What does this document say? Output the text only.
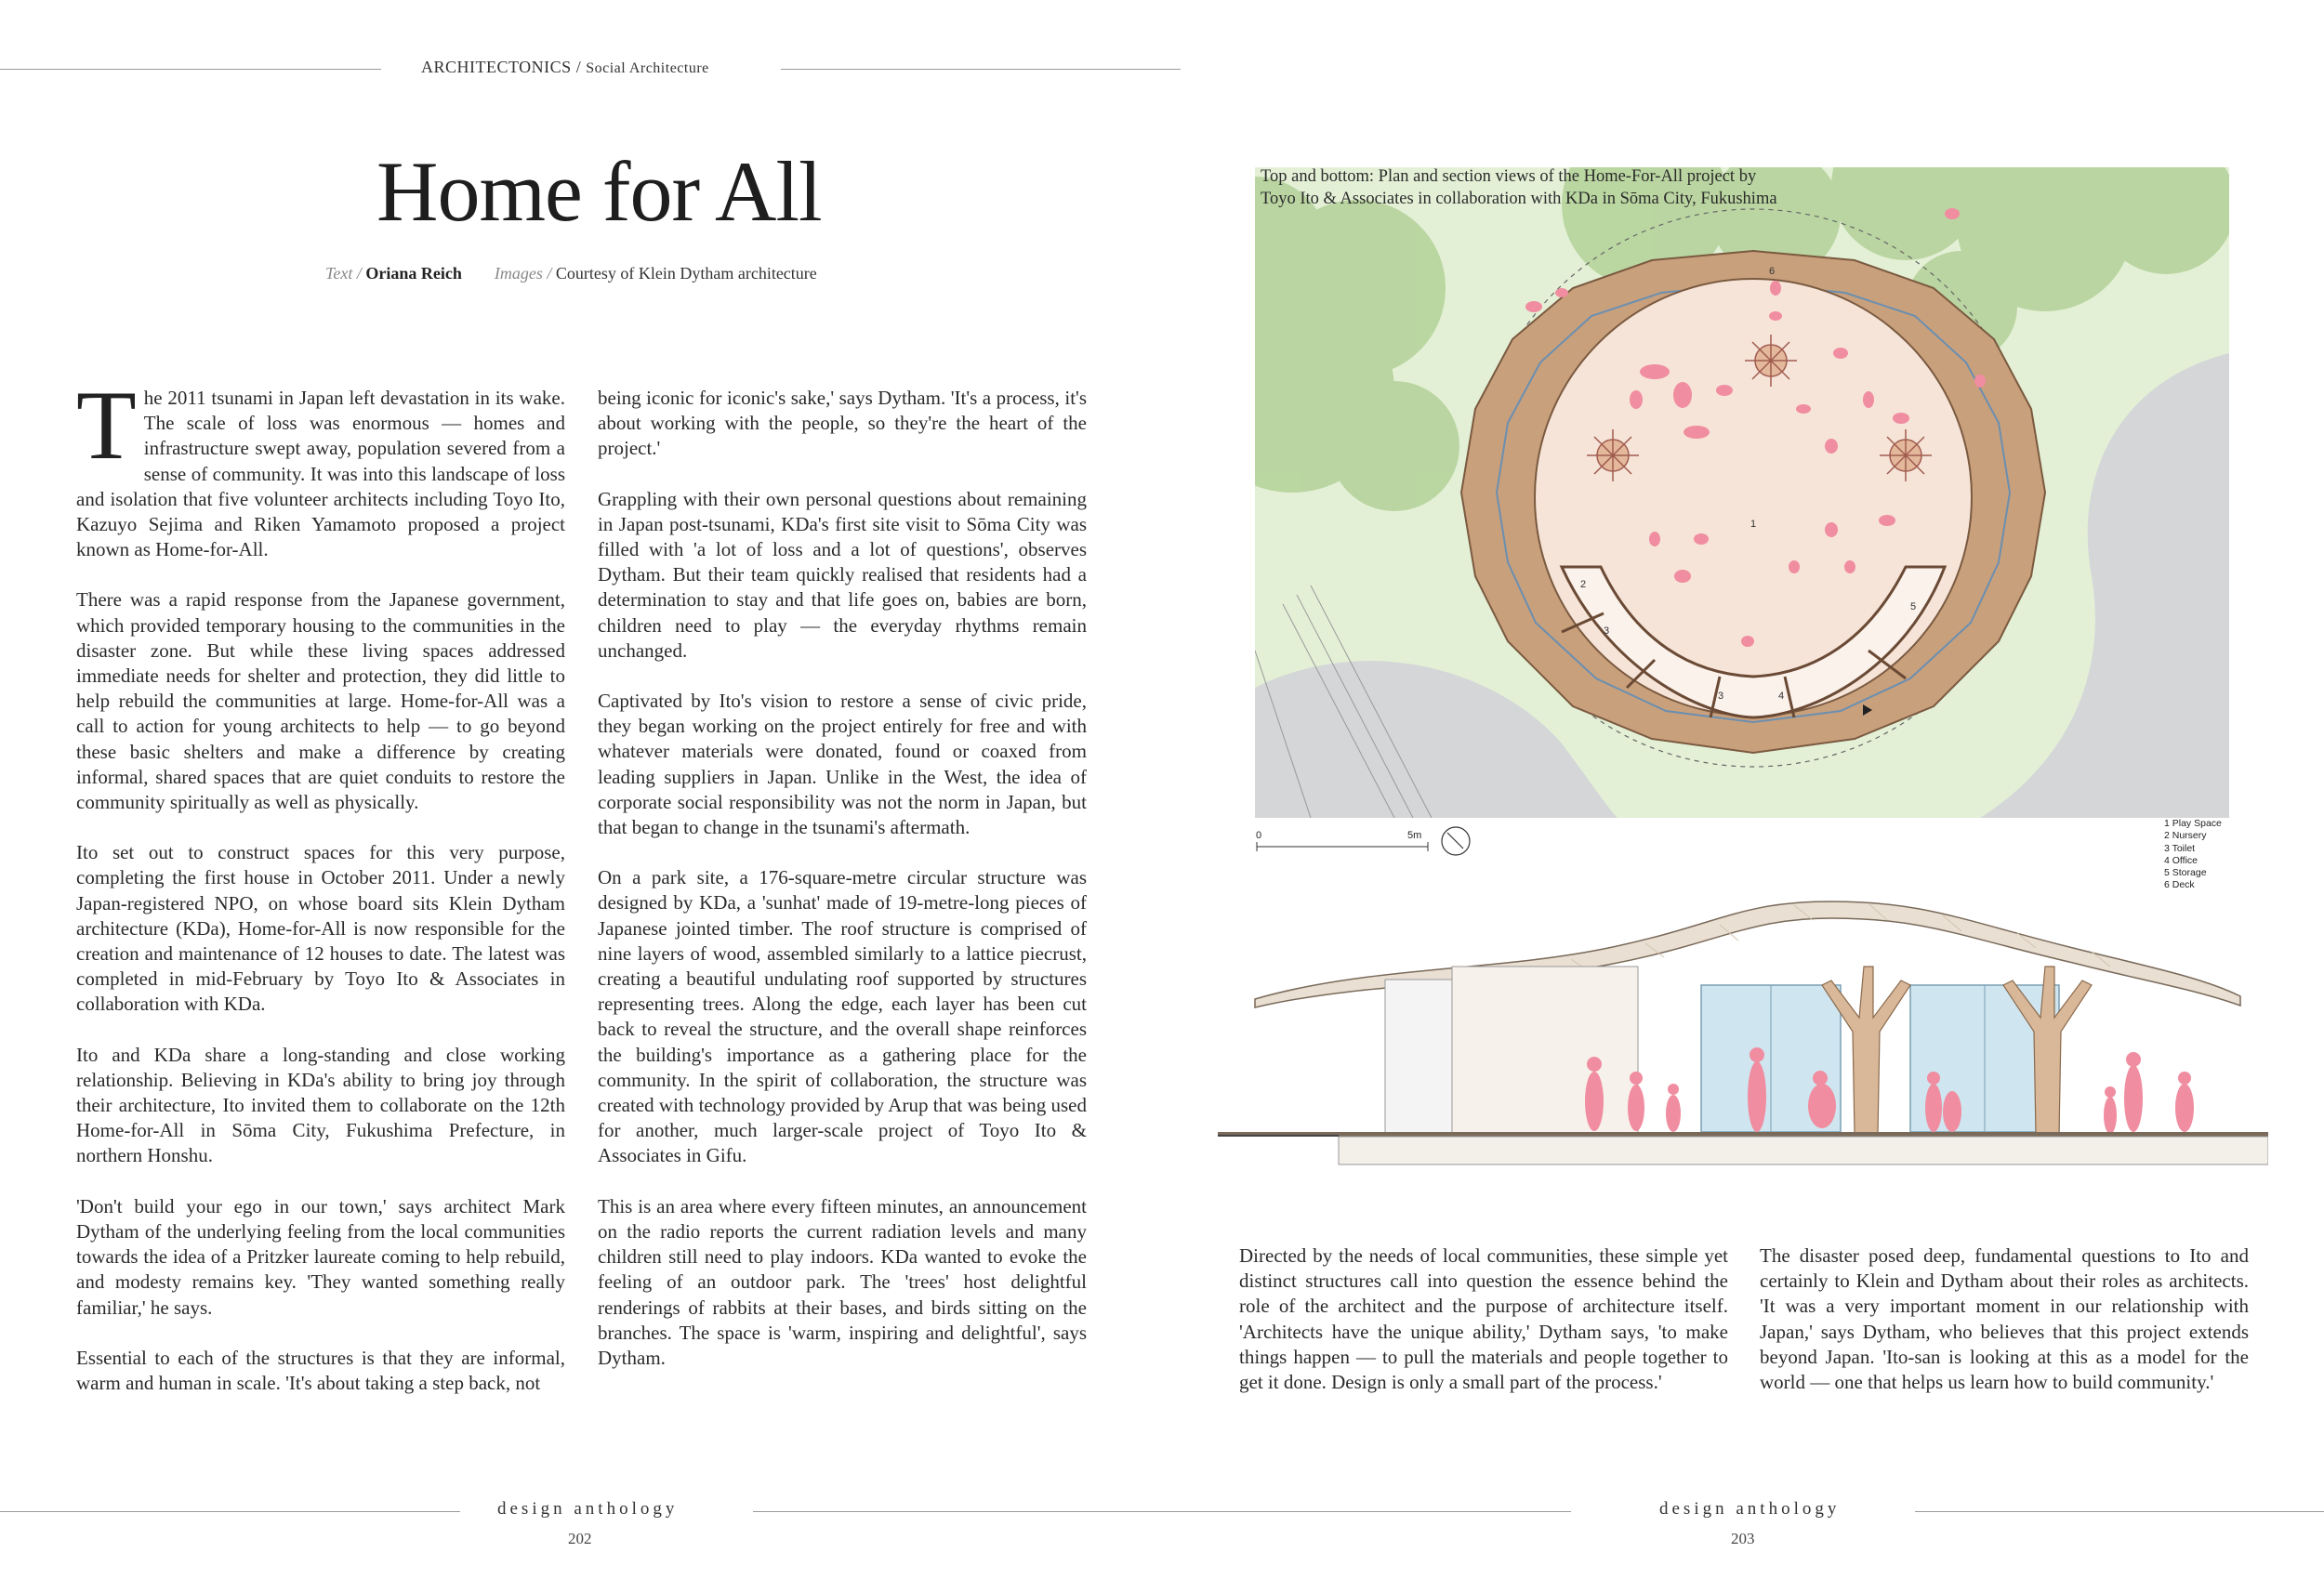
ARCHITECTONICS / Social Architecture
Home for All
Text / Oriana Reich Images / Courtesy of Klein Dytham architecture

The 2011 tsunami in Japan left devastation in its wake. The scale of loss was enormous — homes and infrastructure swept away, population severed from a sense of community. It was into this landscape of loss and isolation that five volunteer architects including Toyo Ito, Kazuyo Sejima and Riken Yamamoto proposed a project known as Home-for-All.

There was a rapid response from the Japanese government, which provided temporary housing to the communities in the disaster zone. But while these living spaces addressed immediate needs for shelter and protection, they did little to help rebuild the communities at large. Home-for-All was a call to action for young architects to help — to go beyond these basic shelters and make a difference by creating informal, shared spaces that are quiet conduits to restore the community spiritually as well as physically.

Ito set out to construct spaces for this very purpose, completing the first house in October 2011. Under a newly Japan-registered NPO, on whose board sits Klein Dytham architecture (KDa), Home-for-All is now responsible for the creation and maintenance of 12 houses to date. The latest was completed in mid-February by Toyo Ito & Associates in collaboration with KDa.

Ito and KDa share a long-standing and close working relationship. Believing in KDa's ability to bring joy through their architecture, Ito invited them to collaborate on the 12th Home-for-All in Sōma City, Fukushima Prefecture, in northern Honshu.

'Don't build your ego in our town,' says architect Mark Dytham of the underlying feeling from the local communities towards the idea of a Pritzker laureate coming to help rebuild, and modesty remains key. 'They wanted something really familiar,' he says.

Essential to each of the structures is that they are informal, warm and human in scale. 'It's about taking a step back, not

being iconic for iconic's sake,' says Dytham. 'It's a process, it's about working with the people, so they're the heart of the project.'

Grappling with their own personal questions about remaining in Japan post-tsunami, KDa's first site visit to Sōma City was filled with 'a lot of loss and a lot of questions', observes Dytham. But their team quickly realised that residents had a determination to stay and that life goes on, babies are born, children need to play — the everyday rhythms remain unchanged.

Captivated by Ito's vision to restore a sense of civic pride, they began working on the project entirely for free and with whatever materials were donated, found or coaxed from leading suppliers in Japan. Unlike in the West, the idea of corporate social responsibility was not the norm in Japan, but that began to change in the tsunami's aftermath.

On a park site, a 176-square-metre circular structure was designed by KDa, a 'sunhat' made of 19-metre-long pieces of Japanese jointed timber. The roof structure is comprised of nine layers of wood, assembled similarly to a lattice piecrust, creating a beautiful undulating roof supported by structures representing trees. Along the edge, each layer has been cut back to reveal the structure, and the overall shape reinforces the building's importance as a gathering place for the community. In the spirit of collaboration, the structure was created with technology provided by Arup that was being used for another, much larger-scale project of Toyo Ito & Associates in Gifu.

This is an area where every fifteen minutes, an announcement on the radio reports the current radiation levels and many children still need to play indoors. KDa wanted to evoke the feeling of an outdoor park. The 'trees' host delightful renderings of rabbits at their bases, and birds sitting on the branches. The space is 'warm, inspiring and delightful', says Dytham.

1
2
3
3	4
5
6
Top and bottom: Plan and section views of the Home-For-All project by
Toyo Ito & Associates in collaboration with KDa in Sōma City, Fukushima
0	5m
1 Play Space
2 Nursery
3 Toilet
4 Office
5 Storage
6 Deck

Directed by the needs of local communities, these simple yet distinct structures call into question the essence behind the role of the architect and the purpose of architecture itself. 'Architects have the unique ability,' Dytham says, 'to make things happen — to pull the materials and people together to get it done. Design is only a small part of the process.'

The disaster posed deep, fundamental questions to Ito and certainly to Klein and Dytham about their roles as architects. 'It was a very important moment in our relationship with Japan,' says Dytham, who believes that this project extends beyond Japan. 'Ito-san is looking at this as a model for the world — one that helps us learn how to build community.'

design anthology	design anthology
202	203
